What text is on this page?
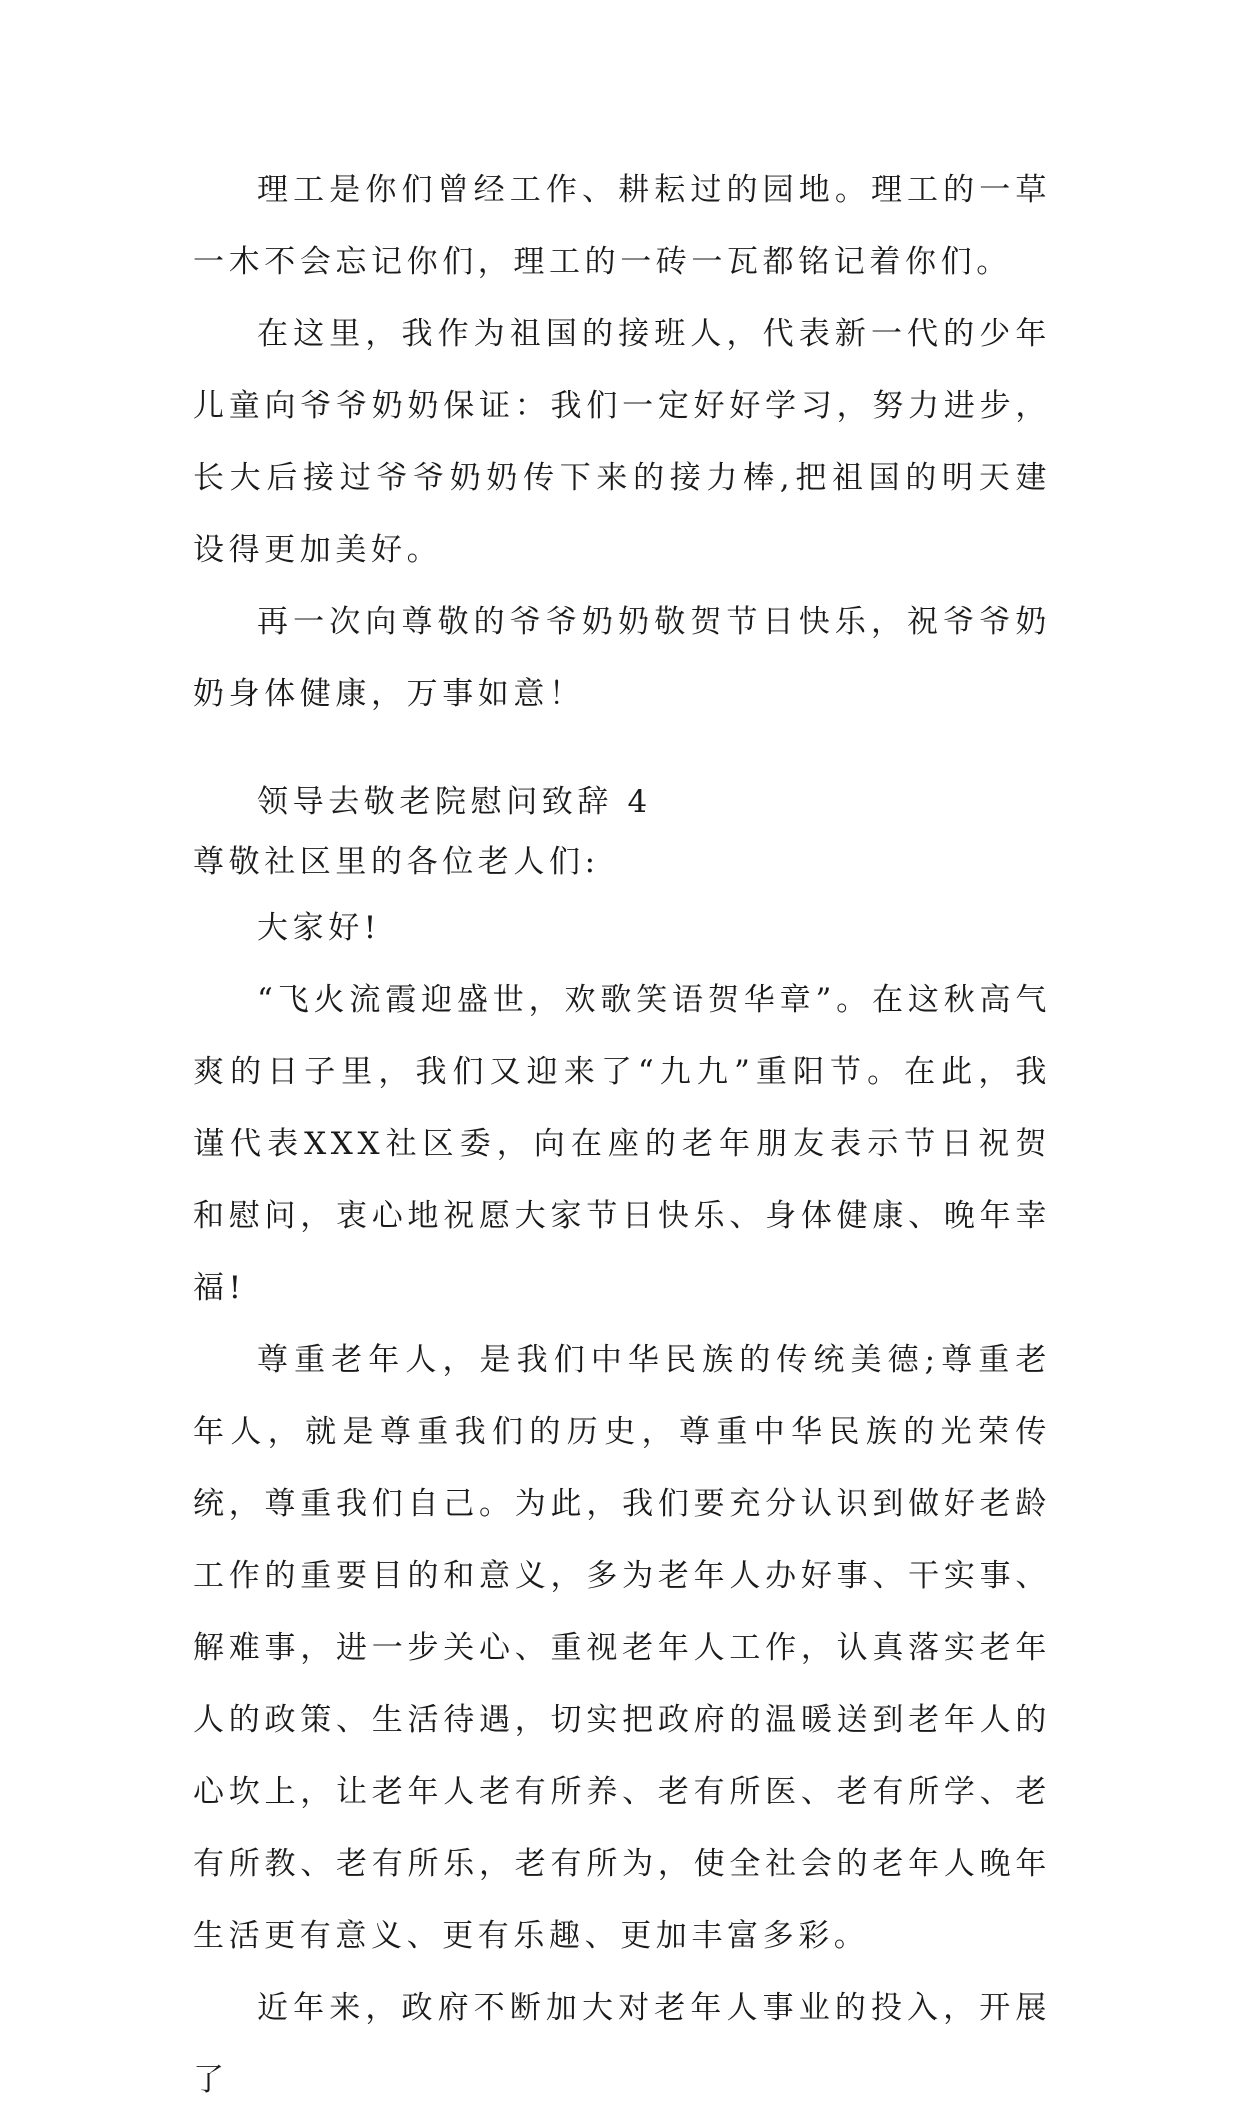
理工是你们曾经工作、耕耘过的园地。理工的一草一木不会忘记你们，理工的一砖一瓦都铭记着你们。

在这里，我作为祖国的接班人，代表新一代的少年儿童向爷爷奶奶保证：我们一定好好学习，努力进步，长大后接过爷爷奶奶传下来的接力棒,把祖国的明天建设得更加美好。

再一次向尊敬的爷爷奶奶敬贺节日快乐，祝爷爷奶奶身体健康，万事如意！

领导去敬老院慰问致辞 4

尊敬社区里的各位老人们:

大家好!

“飞火流霞迎盛世，欢歌笑语贺华章”。在这秋高气爽的日子里，我们又迎来了“九九”重阳节。在此，我谨代表XXX社区委，向在座的老年朋友表示节日祝贺和慰问，衷心地祝愿大家节日快乐、身体健康、晚年幸福!

尊重老年人，是我们中华民族的传统美德;尊重老年人，就是尊重我们的历史，尊重中华民族的光荣传统，尊重我们自己。为此，我们要充分认识到做好老龄工作的重要目的和意义，多为老年人办好事、干实事、解难事，进一步关心、重视老年人工作，认真落实老年人的政策、生活待遇，切实把政府的温暖送到老年人的心坎上，让老年人老有所养、老有所医、老有所学、老有所教、老有所乐，老有所为，使全社会的老年人晚年生活更有意义、更有乐趣、更加丰富多彩。

近年来，政府不断加大对老年人事业的投入，开展了
